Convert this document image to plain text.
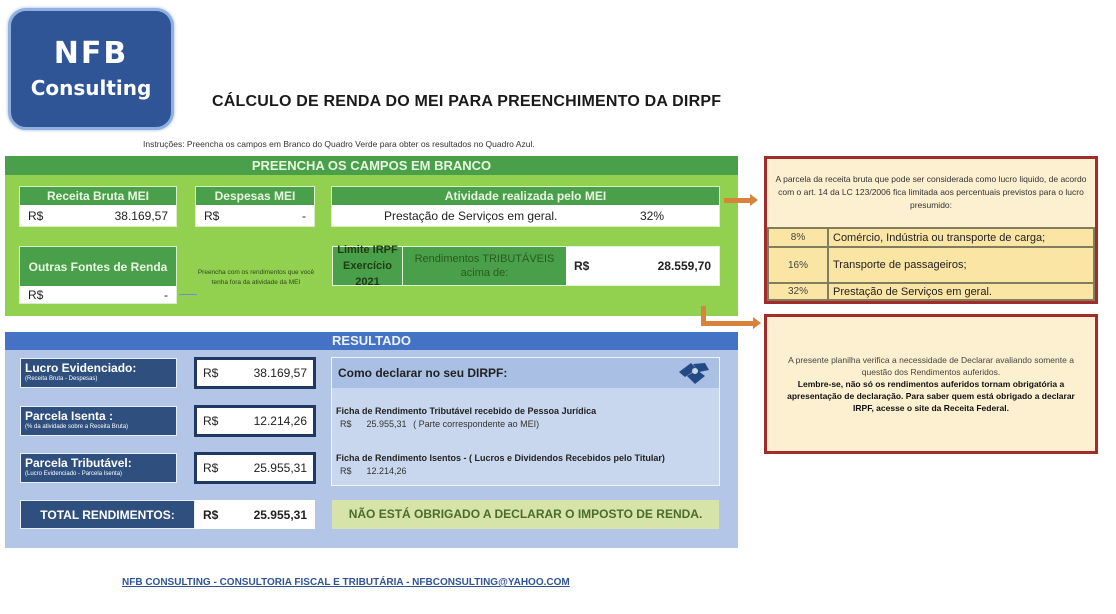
NFB
Consulting
CÁLCULO DE RENDA DO MEI PARA PREENCHIMENTO DA DIRPF
Instruções: Preencha os campos em Branco do Quadro Verde para obter os resultados no Quadro Azul.
PREENCHA OS CAMPOS EM BRANCO
Receita Bruta MEI
R$	38.169,57
Despesas MEI
R$	-
Atividade realizada pelo MEI
Prestação de Serviços em geral.	32%
Outras Fontes de Renda
R$	-
Preencha com os rendimentos que você tenha fora da atividade da MEI
Limite IRPF
Exercício 2021
Rendimentos TRIBUTÁVEIS
acima de:	R$	28.559,70
RESULTADO
Lucro Evidenciado:
(Receita Bruta - Despesas)	R$	38.169,57
Parcela Isenta :
(% da atividade sobre a Receita Bruta)	R$	12.214,26
Parcela Tributável:
(Lucro Evidenciado - Parcela Isenta)	R$	25.955,31
TOTAL RENDIMENTOS:	R$	25.955,31
Como declarar no seu DIRPF:
Ficha de Rendimento Tributável recebido de Pessoa Jurídica
R$ 25.955,31 ( Parte correspondente ao MEI)
Ficha de Rendimento Isentos - ( Lucros e Dividendos Recebidos pelo Titular)
R$ 12.214,26
NÃO ESTÁ OBRIGADO A DECLARAR O IMPOSTO DE RENDA.
A parcela da receita bruta que pode ser considerada como lucro liquido, de acordo com o art. 14 da LC 123/2006 fica limitada aos percentuais previstos para o lucro presumido:
8%	Comércio, Indústria ou transporte de carga;
16%	Transporte de passageiros;
32%	Prestação de Serviços em geral.
A presente planilha verifica a necessidade de Declarar avaliando somente a questão dos Rendimentos auferidos.
Lembre-se, não só os rendimentos auferidos tornam obrigatória a apresentação de declaração. Para saber quem está obrigado a declarar IRPF, acesse o site da Receita Federal.
NFB CONSULTING - CONSULTORIA FISCAL E TRIBUTÁRIA - NFBCONSULTING@YAHOO.COM
